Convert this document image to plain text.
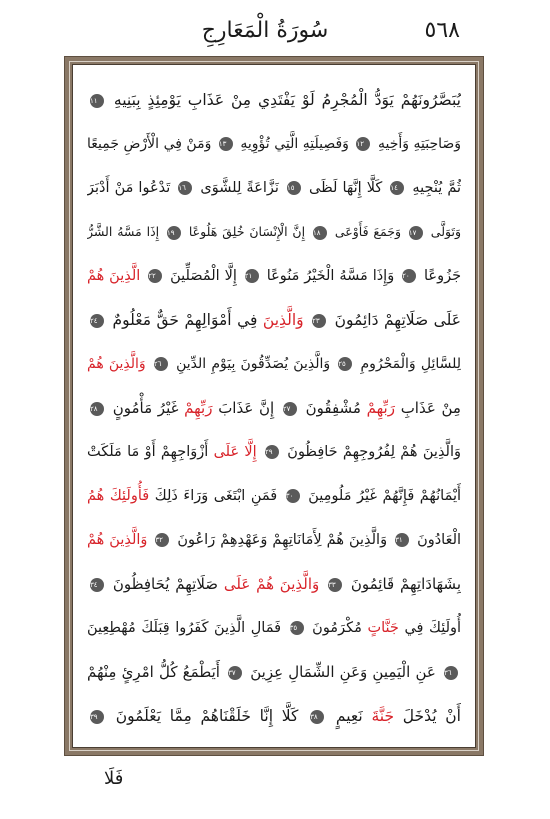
سُورَةُ الْمَعَارِجِ	٥٦٨
يُبَصَّرُونَهُمْ يَوَدُّ الْمُجْرِمُ لَوْ يَفْتَدِي مِنْ عَذَابِ يَوْمِئِذٍ بِبَنِيهِ ١١
وَصَاحِبَتِهِ وَأَخِيهِ ١٢ وَفَصِيلَتِهِ الَّتِي تُؤْوِيهِ ١٣ وَمَنْ فِي الْأَرْضِ جَمِيعًا
ثُمَّ يُنْجِيهِ ١٤ كَلَّا إِنَّهَا لَظَى ١٥ نَزَّاعَةً لِلشَّوَى ١٦ تَدْعُوا مَنْ أَدْبَرَ
وَتَوَلَّى ١٧ وَجَمَعَ فَأَوْعَى ١٨ إِنَّ الْإِنْسَانَ خُلِقَ هَلُوعًا ١٩ إِذَا مَسَّهُ الشَّرُّ
جَزُوعًا ٢٠ وَإِذَا مَسَّهُ الْخَيْرُ مَنُوعًا ٢١ إِلَّا الْمُصَلِّينَ ٢٢ الَّذِينَ هُمْ
عَلَى صَلَاتِهِمْ دَائِمُونَ ٢٣ وَالَّذِينَ فِي أَمْوَالِهِمْ حَقٌّ مَعْلُومٌ ٢٤
لِلسَّائِلِ وَالْمَحْرُومِ ٢٥ وَالَّذِينَ يُصَدِّقُونَ بِيَوْمِ الدِّينِ ٢٦ وَالَّذِينَ هُمْ
مِنْ عَذَابِ رَبِّهِمْ مُشْفِقُونَ ٢٧ إِنَّ عَذَابَ رَبِّهِمْ غَيْرُ مَأْمُونٍ ٢٨
وَالَّذِينَ هُمْ لِفُرُوجِهِمْ حَافِظُونَ ٢٩ إِلَّا عَلَى أَزْوَاجِهِمْ أَوْ مَا مَلَكَتْ
أَيْمَانُهُمْ فَإِنَّهُمْ غَيْرُ مَلُومِينَ ٣٠ فَمَنِ ابْتَغَى وَرَاءَ ذَلِكَ فَأُولَئِكَ هُمُ
الْعَادُونَ ٣١ وَالَّذِينَ هُمْ لِأَمَانَاتِهِمْ وَعَهْدِهِمْ رَاعُونَ ٣٢ وَالَّذِينَ هُمْ
بِشَهَادَاتِهِمْ قَائِمُونَ ٣٣ وَالَّذِينَ هُمْ عَلَى صَلَاتِهِمْ يُحَافِظُونَ ٣٤
أُولَئِكَ فِي جَنَّاتٍ مُكْرَمُونَ ٣٥ فَمَالِ الَّذِينَ كَفَرُوا قِبَلَكَ مُهْطِعِينَ
٣٦ عَنِ الْيَمِينِ وَعَنِ الشِّمَالِ عِزِينَ ٣٧ أَيَطْمَعُ كُلُّ امْرِئٍ مِنْهُمْ
أَنْ يُدْخَلَ جَنَّةَ نَعِيمٍ ٣٨ كَلَّا إِنَّا خَلَقْنَاهُمْ مِمَّا يَعْلَمُونَ ٣٩
فَلَا
